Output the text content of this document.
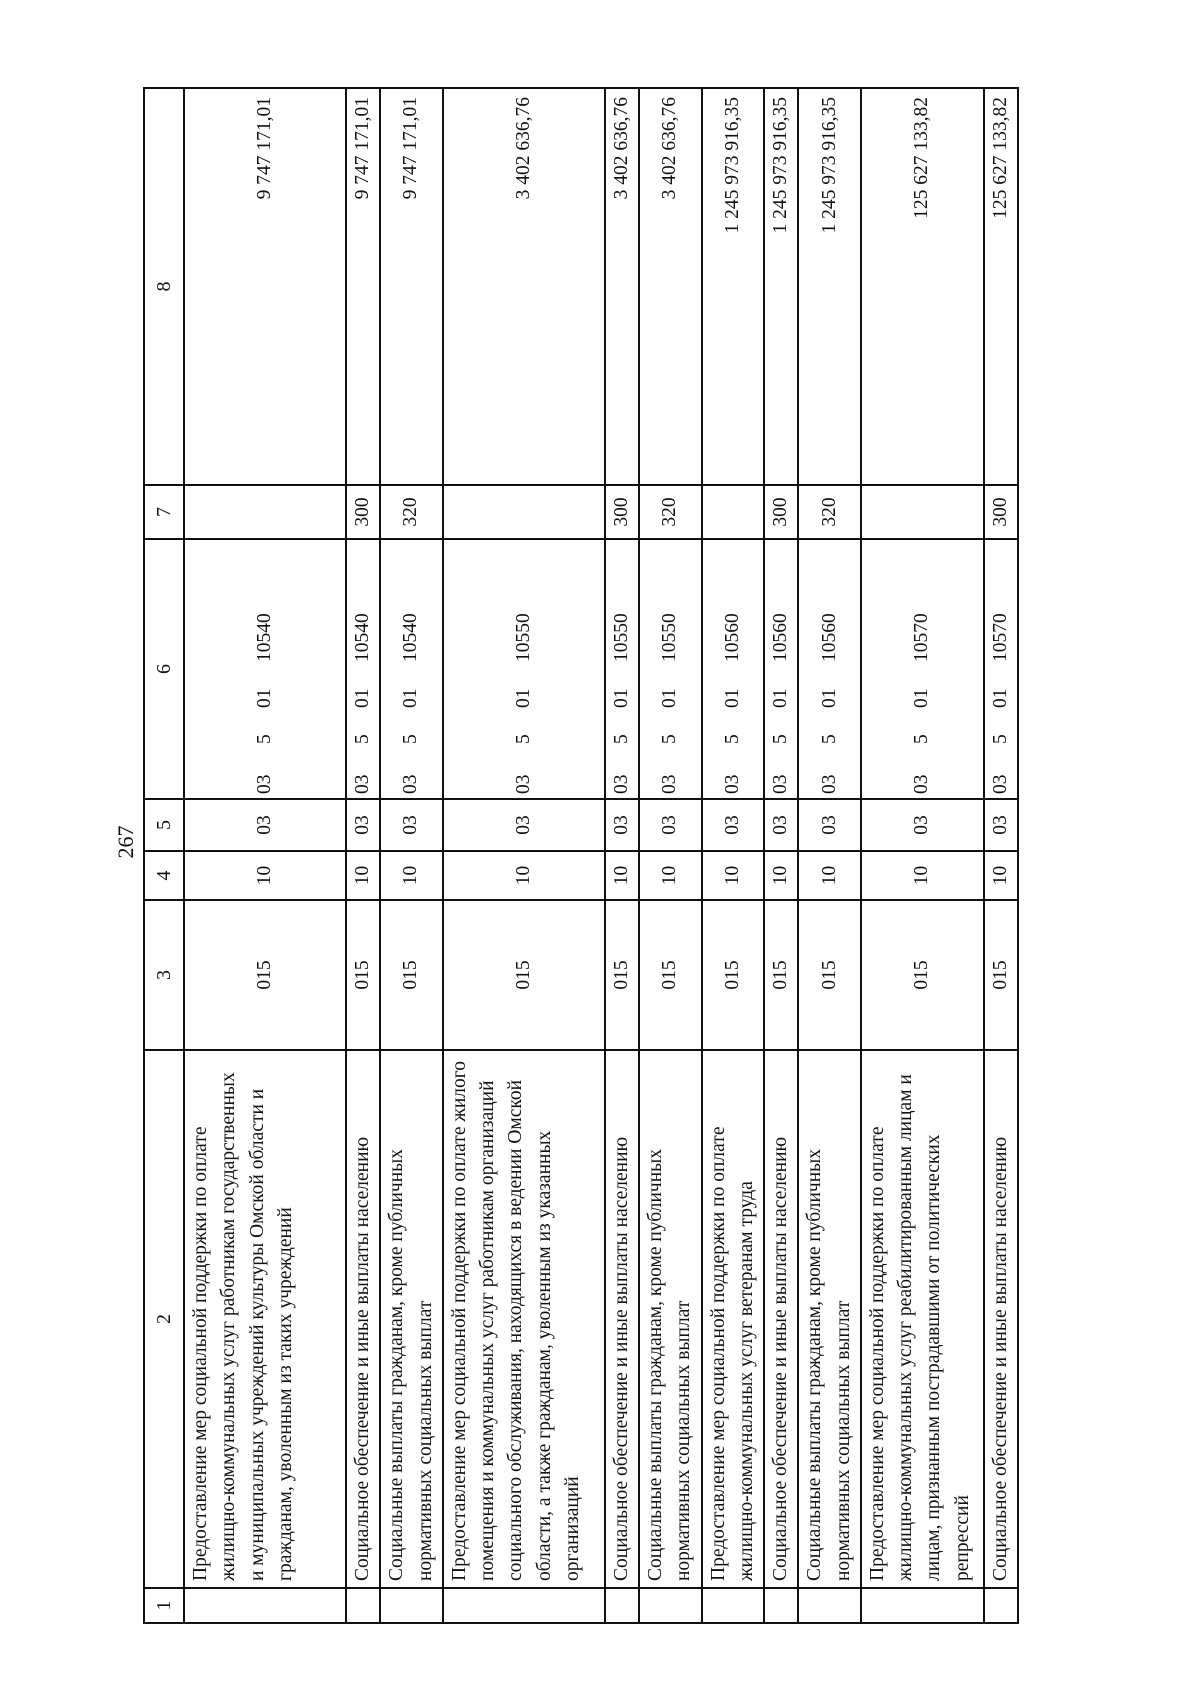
267
1	2	3	4	5	6	7	8
	Предоставление мер социальной поддержки по оплате жилищно-коммунальных услуг работникам государственных и муниципальных учреждений культуры Омской области и гражданам, уволенным из таких учреждений	015	10	03	0350110540		9 747 171,01
	Социальное обеспечение и иные выплаты населению	015	10	03	0350110540	300	9 747 171,01
	Социальные выплаты гражданам, кроме публичных нормативных социальных выплат	015	10	03	0350110540	320	9 747 171,01
	Предоставление мер социальной поддержки по оплате жилого помещения и коммунальных услуг работникам организаций социального обслуживания, находящихся в ведении Омской области, а также гражданам, уволенным из указанных организаций	015	10	03	0350110550		3 402 636,76
	Социальное обеспечение и иные выплаты населению	015	10	03	0350110550	300	3 402 636,76
	Социальные выплаты гражданам, кроме публичных нормативных социальных выплат	015	10	03	0350110550	320	3 402 636,76
	Предоставление мер социальной поддержки по оплате жилищно-коммунальных услуг ветеранам труда	015	10	03	0350110560		1 245 973 916,35
	Социальное обеспечение и иные выплаты населению	015	10	03	0350110560	300	1 245 973 916,35
	Социальные выплаты гражданам, кроме публичных нормативных социальных выплат	015	10	03	0350110560	320	1 245 973 916,35
	Предоставление мер социальной поддержки по оплате жилищно-коммунальных услуг реабилитированным лицам и лицам, признанным пострадавшими от политических репрессий	015	10	03	0350110570		125 627 133,82
	Социальное обеспечение и иные выплаты населению	015	10	03	0350110570	300	125 627 133,82
